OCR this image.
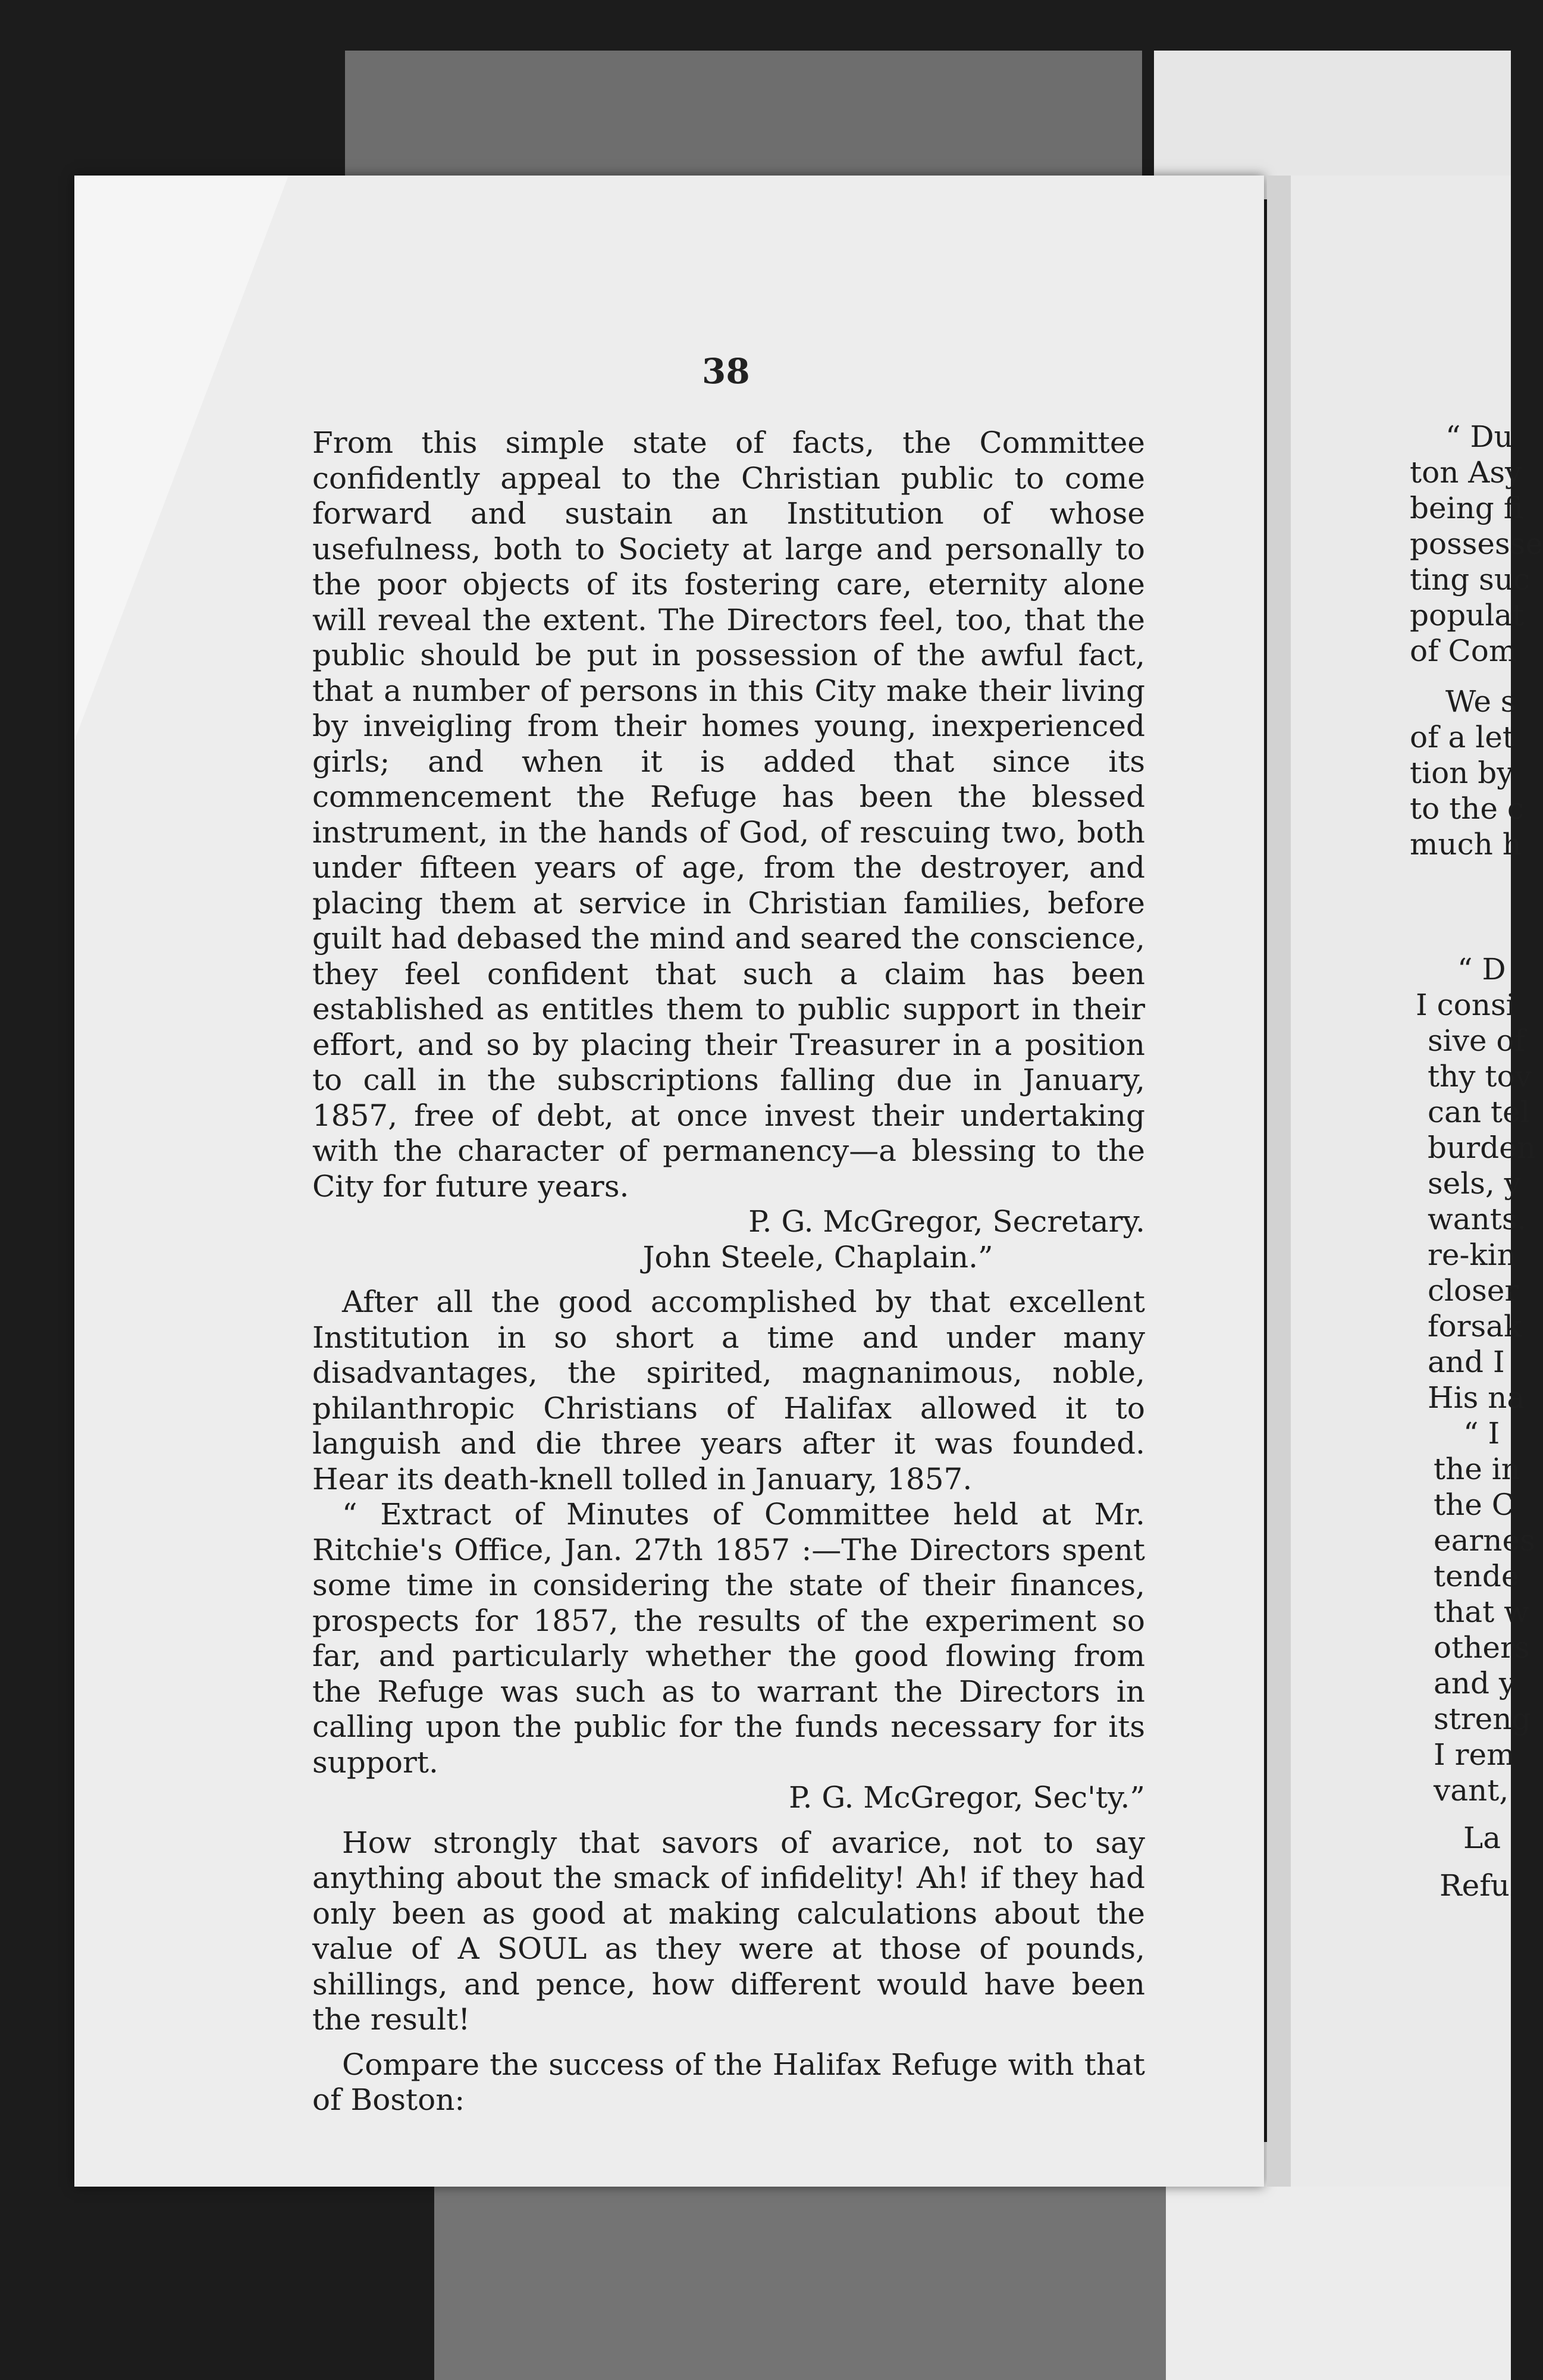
38

From this simple state of facts, the Committee confidently appeal to the Christian public to come forward and sustain an Institution of whose usefulness, both to Society at large and personally to the poor objects of its fostering care, eternity alone will reveal the extent. The Directors feel, too, that the public should be put in possession of the awful fact, that a number of persons in this City make their living by inveigling from their homes young, inexperienced girls; and when it is added that since its commencement the Refuge has been the blessed instrument, in the hands of God, of rescuing two, both under fifteen years of age, from the destroyer, and placing them at service in Christian families, before guilt had debased the mind and seared the conscience, they feel confident that such a claim has been established as entitles them to public support in their effort, and so by placing their Treasurer in a position to call in the subscriptions falling due in January, 1857, free of debt, at once invest their undertaking with the character of permanency—a blessing to the City for future years.

P. G. McGregor, Secretary.
John Steele, Chaplain.”

After all the good accomplished by that excellent Institution in so short a time and under many disadvantages, the spirited, magnanimous, noble, philanthropic Christians of Halifax allowed it to languish and die three years after it was founded. Hear its death-knell tolled in January, 1857.

“ Extract of Minutes of Committee held at Mr. Ritchie's Office, Jan. 27th 1857 :—The Directors spent some time in considering the state of their finances, prospects for 1857, the results of the experiment so far, and particularly whether the good flowing from the Refuge was such as to warrant the Directors in calling upon the public for the funds necessary for its support.

P. G. McGregor, Sec'ty.”

How strongly that savors of avarice, not to say anything about the smack of infidelity! Ah! if they had only been as good at making calculations about the value of A SOUL as they were at those of pounds, shillings, and pence, how different would have been the result!

Compare the success of the Halifax Refuge with that of Boston:

“ Du
ton Asy
being fi
possesse
ting suc
populat
of Com
We s
of a let
tion by
to the c
much h
“ D
I consi
sive of
thy tov
can tel
burden
sels, y
wants.
re-kin
closer
forsak
and I
His na
“ I
the in
the C
earnes
tende
that w
others
and y
streng
I rem
vant,
La
Refu
